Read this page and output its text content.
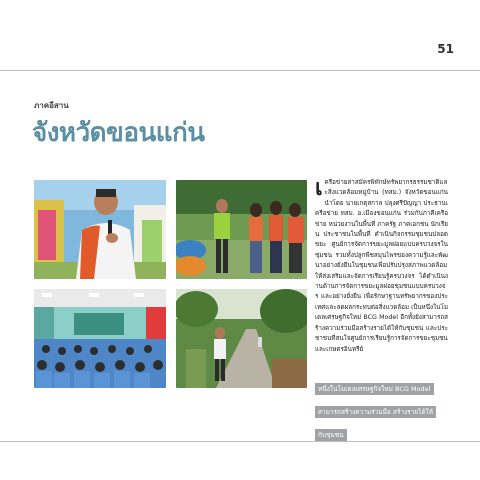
51
ภาคอีสาน
จังหวัดขอนแก่น
เครือข่ายสาสมัครพิทักษ์ทรัพยากรธรรมชาติและสิ่งแวดล้อมหมู่บ้าน (ทสม.) จังหวัดขอนแก่น นำโดย นายเกตุสกาล ปลุงศรีปัญญา ประธานเครือข่าย ทสม. อ.เมืองขอนแก่น ร่วมกับภาคีเครือข่าย หน่วยงานในพื้นที่ ภาครัฐ ภาคเอกชน นักเรียน ประชาชนในพื้นที่ ดำเนินกิจกรรมชุมชนปลอดขยะ ศูนย์การจัดการขยะมูลฝอยแบบครบวงจรในชุมชน รวมทั้งปลูกพืชสมุนไพรของความรู้และพัฒนาอย่างยั่งยืนในชุมชนเพื่อปรับปรุงสภาพแวดล้อม ให้ส่งเสริมและจัดการเรียนรู้ครบวงจร ได้ดำเนินงานด้านการจัดการขยะมูลฝอยชุมชนแบบครบวงจร และอย่างยั่งยืน เพื่อรักษาฐานทรัพยากรของประเทศและลดผลกระทบต่อสิ่งแวดล้อม เป็นหนึ่งในโมเดลเศรษฐกิจใหม่ BCG Model อีกทั้งยังสามารถสร้างความร่วมมือสร้างรายได้ให้กับชุมชน และประชาชนที่สนใจศูนย์การเรียนรู้การจัดการขยะชุมชนและเกษตรอินทรีย์
หนึ่งในโมเดลเศรษฐกิจใหม่ BCG Model
สามารถสร้างความร่วมมือ สร้างรายได้ให้
กับชุมชน
